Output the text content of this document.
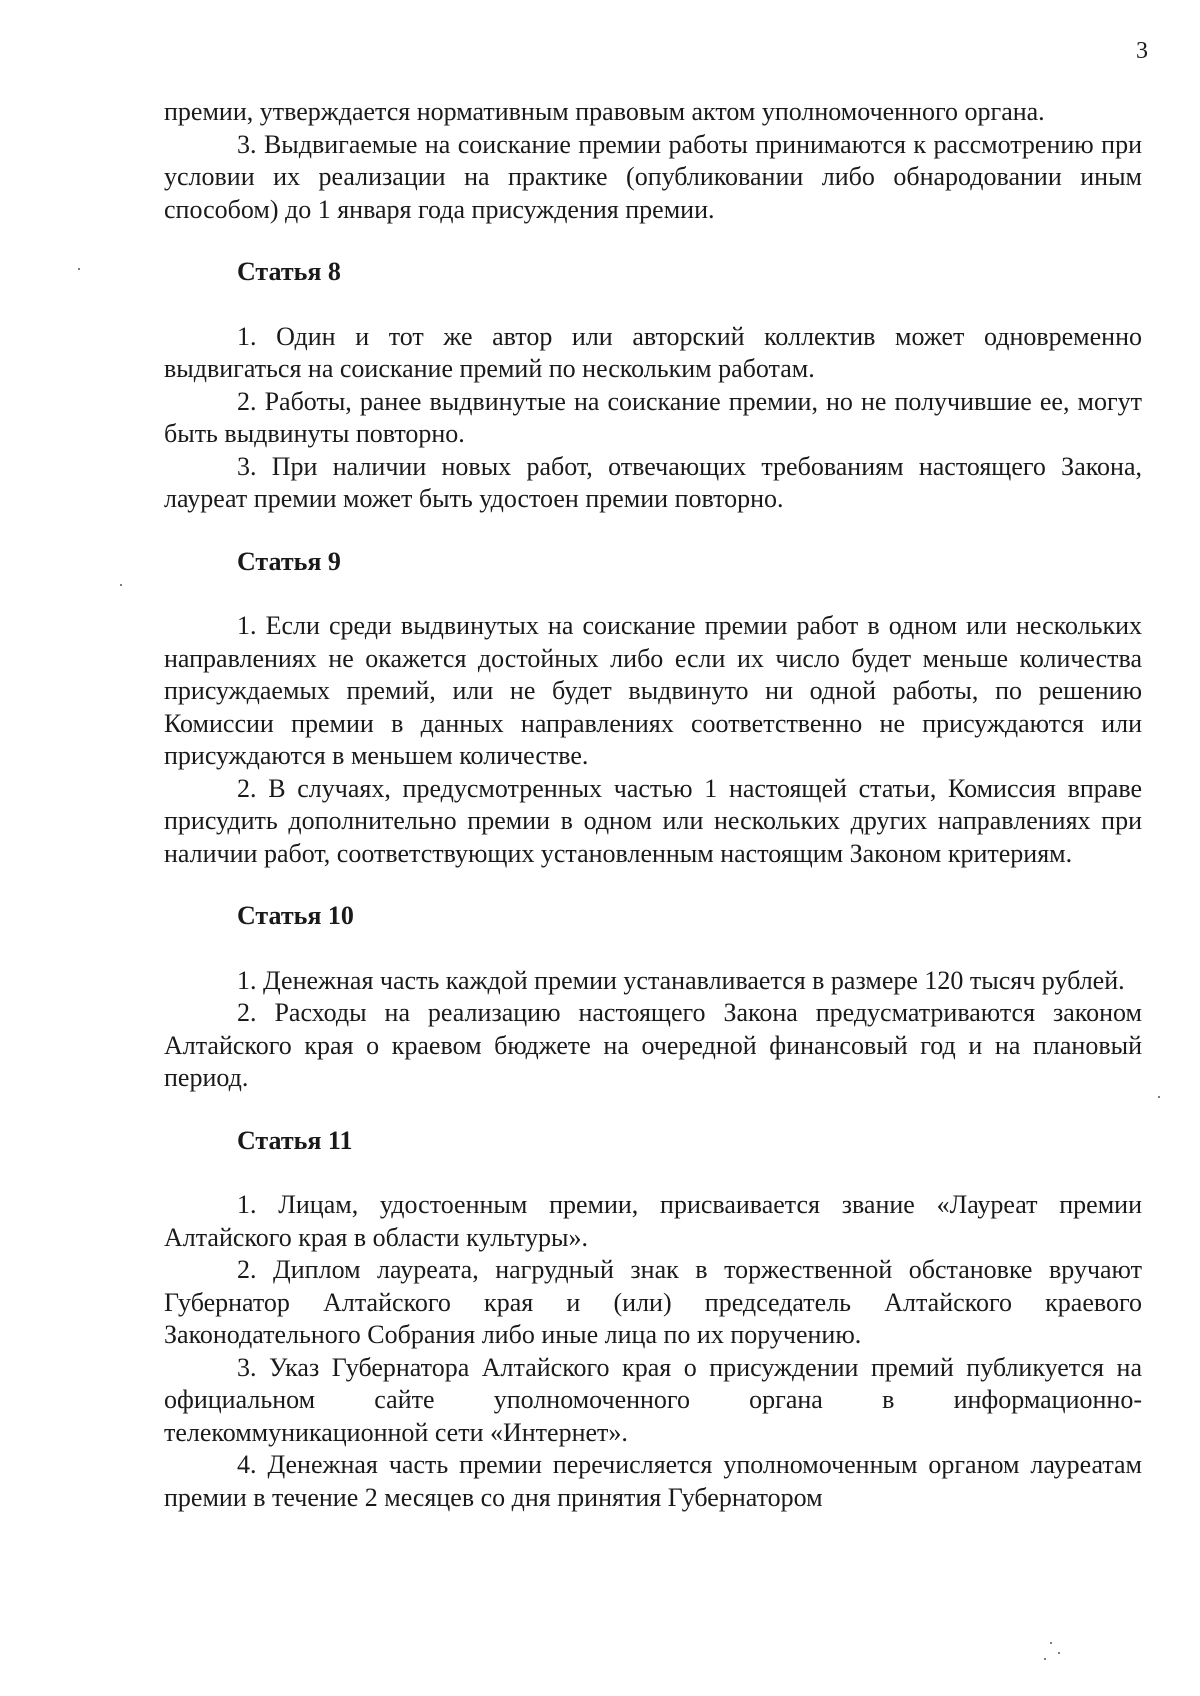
3

премии, утверждается нормативным правовым актом уполномоченного органа.

3. Выдвигаемые на соискание премии работы принимаются к рассмотрению при условии их реализации на практике (опубликовании либо обнародовании иным способом) до 1 января года присуждения премии.

Статья 8

1. Один и тот же автор или авторский коллектив может одновременно выдвигаться на соискание премий по нескольким работам.

2. Работы, ранее выдвинутые на соискание премии, но не получившие ее, могут быть выдвинуты повторно.

3. При наличии новых работ, отвечающих требованиям настоящего Закона, лауреат премии может быть удостоен премии повторно.

Статья 9

1. Если среди выдвинутых на соискание премии работ в одном или нескольких направлениях не окажется достойных либо если их число будет меньше количества присуждаемых премий, или не будет выдвинуто ни одной работы, по решению Комиссии премии в данных направлениях соответственно не присуждаются или присуждаются в меньшем количестве.

2. В случаях, предусмотренных частью 1 настоящей статьи, Комиссия вправе присудить дополнительно премии в одном или нескольких других направлениях при наличии работ, соответствующих установленным настоящим Законом критериям.

Статья 10

1. Денежная часть каждой премии устанавливается в размере 120 тысяч рублей.

2. Расходы на реализацию настоящего Закона предусматриваются законом Алтайского края о краевом бюджете на очередной финансовый год и на плановый период.

Статья 11

1. Лицам, удостоенным премии, присваивается звание «Лауреат премии Алтайского края в области культуры».

2. Диплом лауреата, нагрудный знак в торжественной обстановке вручают Губернатор Алтайского края и (или) председатель Алтайского краевого Законодательного Собрания либо иные лица по их поручению.

3. Указ Губернатора Алтайского края о присуждении премий публикуется на официальном сайте уполномоченного органа в информационно-телекоммуникационной сети «Интернет».

4. Денежная часть премии перечисляется уполномоченным органом лауреатам премии в течение 2 месяцев со дня принятия Губернатором
